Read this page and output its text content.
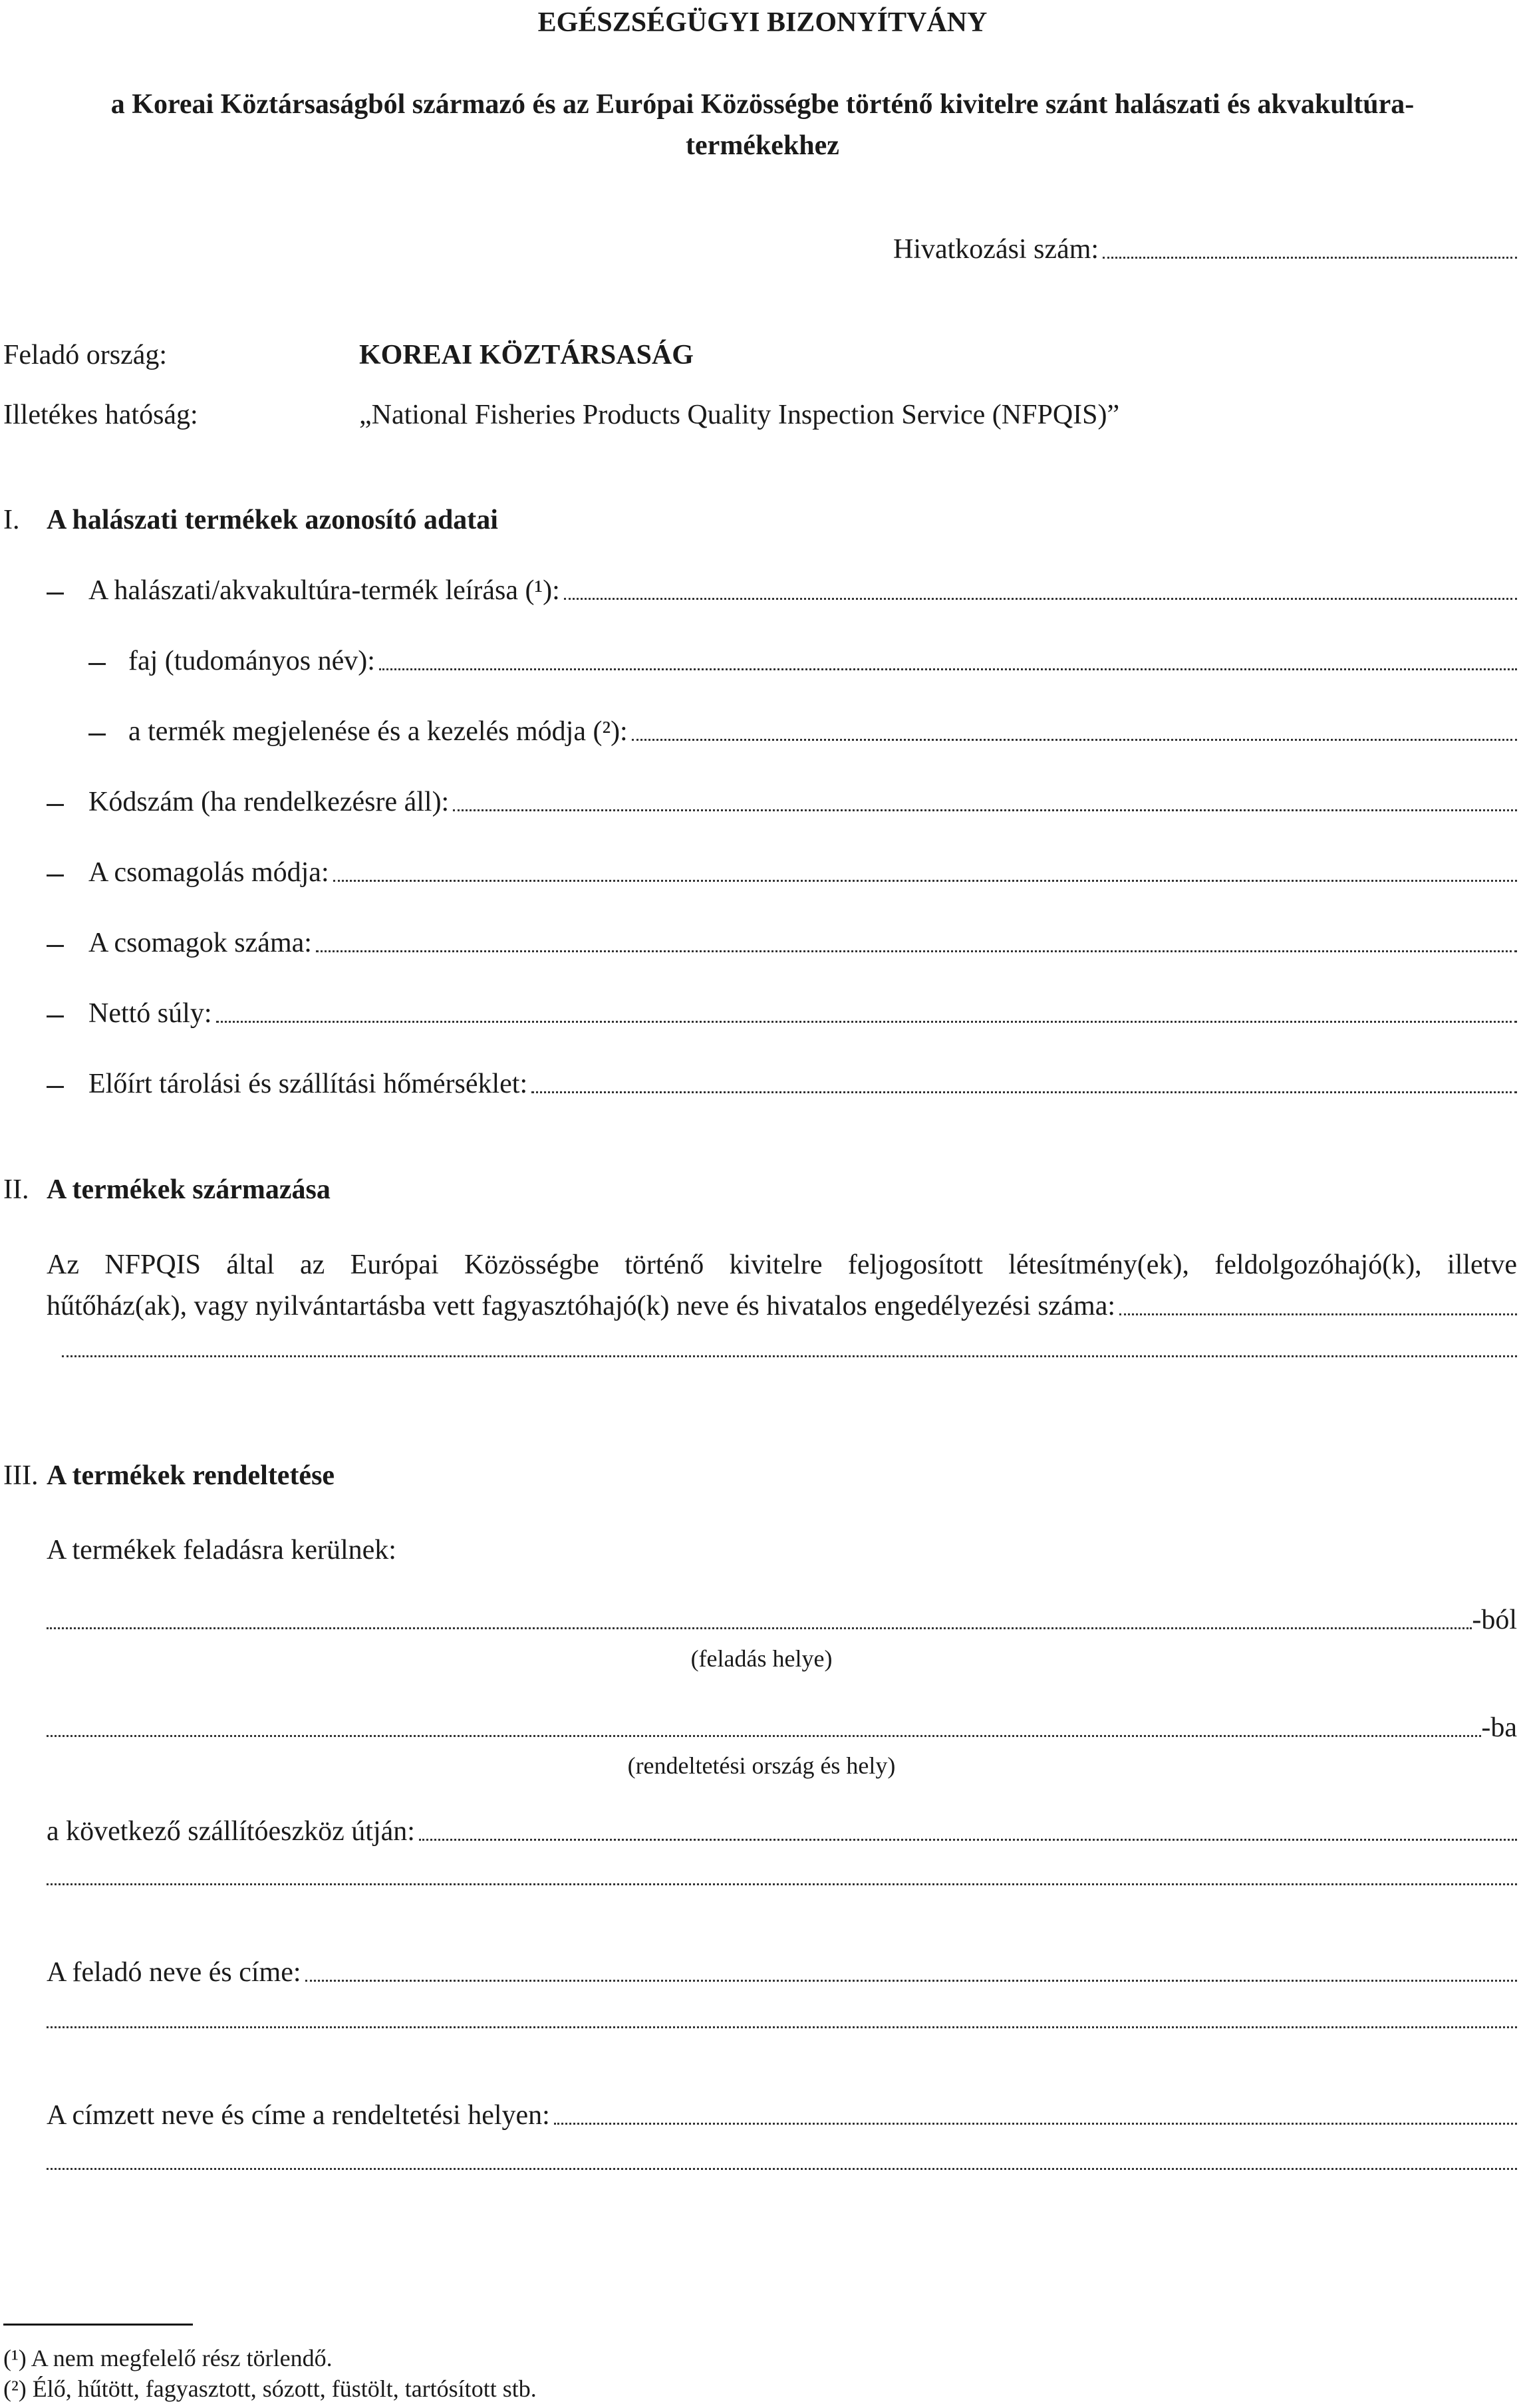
EGÉSZSÉGÜGYI BIZONYÍTVÁNY
a Koreai Köztársaságból származó és az Európai Közösségbe történő kivitelre szánt halászati és akvakultúra-
termékekhez
Hivatkozási szám:
Feladó ország:	KOREAI KÖZTÁRSASÁG
Illetékes hatóság:	„National Fisheries Products Quality Inspection Service (NFPQIS)”
I. A halászati termékek azonosító adatai
A halászati/akvakultúra-termék leírása (¹):
faj (tudományos név):
a termék megjelenése és a kezelés módja (²):
Kódszám (ha rendelkezésre áll):
A csomagolás módja:
A csomagok száma:
Nettó súly:
Előírt tárolási és szállítási hőmérséklet:
II. A termékek származása
Az NFPQIS által az Európai Közösségbe történő kivitelre feljogosított létesítmény(ek), feldolgozóhajó(k), illetve
hűtőház(ak), vagy nyilvántartásba vett fagyasztóhajó(k) neve és hivatalos engedélyezési száma:
III. A termékek rendeltetése
A termékek feladásra kerülnek:
-ból
(feladás helye)
-ba
(rendeltetési ország és hely)
a következő szállítóeszköz útján:
A feladó neve és címe:
A címzett neve és címe a rendeltetési helyen:
(¹) A nem megfelelő rész törlendő.
(²) Élő, hűtött, fagyasztott, sózott, füstölt, tartósított stb.
